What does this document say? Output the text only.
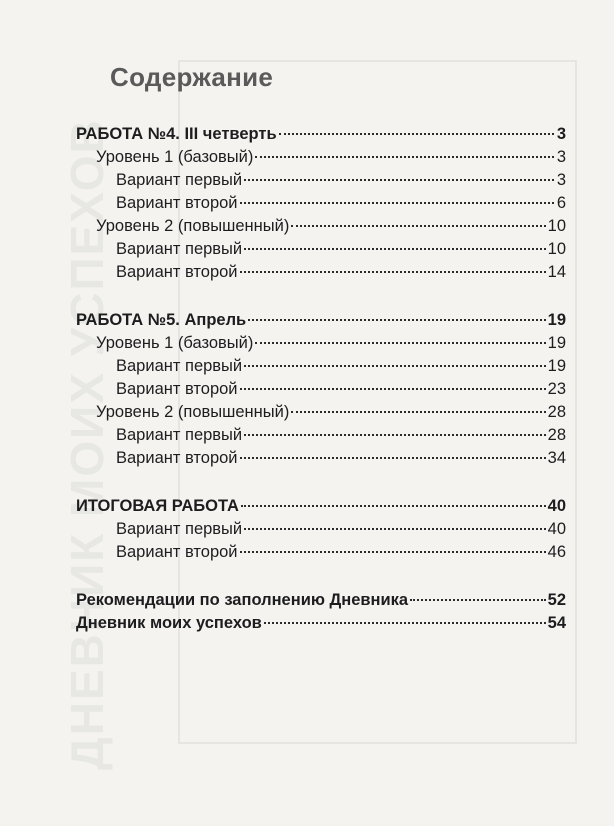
ДНЕВНИК МОИХ УСПЕХОВ
Содержание
РАБОТА №4. III четверть	3
Уровень 1 (базовый)	3
Вариант первый	3
Вариант второй	6
Уровень 2 (повышенный)	10
Вариант первый	10
Вариант второй	14
РАБОТА №5. Апрель	19
Уровень 1 (базовый)	19
Вариант первый	19
Вариант второй	23
Уровень 2 (повышенный)	28
Вариант первый	28
Вариант второй	34
ИТОГОВАЯ РАБОТА	40
Вариант первый	40
Вариант второй	46
Рекомендации по заполнению Дневника	52
Дневник моих успехов	54
